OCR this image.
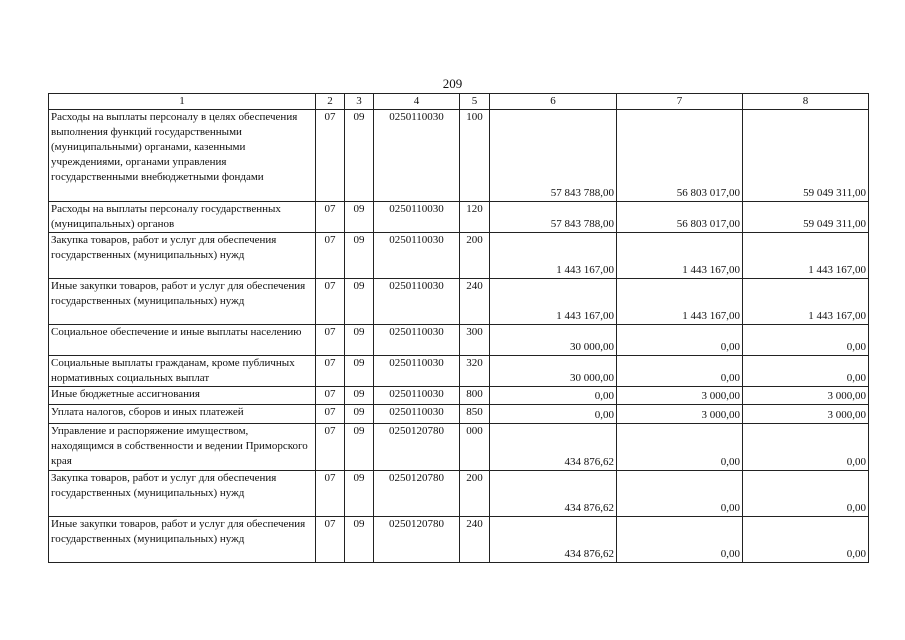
209
1	2	3	4	5	6	7	8
Расходы на выплаты персоналу в целях обеспечения выполнения функций государственными (муниципальными) органами, казенными учреждениями, органами управления государственными внебюджетными фондами	07	09	0250110030	100	57 843 788,00	56 803 017,00	59 049 311,00
Расходы на выплаты персоналу государственных (муниципальных) органов	07	09	0250110030	120	57 843 788,00	56 803 017,00	59 049 311,00
Закупка товаров, работ и услуг для обеспечения государственных (муниципальных) нужд	07	09	0250110030	200	1 443 167,00	1 443 167,00	1 443 167,00
Иные закупки товаров, работ и услуг для обеспечения государственных (муниципальных) нужд	07	09	0250110030	240	1 443 167,00	1 443 167,00	1 443 167,00
Социальное обеспечение и иные выплаты населению	07	09	0250110030	300	30 000,00	0,00	0,00
Социальные выплаты гражданам, кроме публичных нормативных социальных выплат	07	09	0250110030	320	30 000,00	0,00	0,00
Иные бюджетные ассигнования	07	09	0250110030	800	0,00	3 000,00	3 000,00
Уплата налогов, сборов и иных платежей	07	09	0250110030	850	0,00	3 000,00	3 000,00
Управление и распоряжение имуществом, находящимся в собственности и ведении Приморского края	07	09	0250120780	000	434 876,62	0,00	0,00
Закупка товаров, работ и услуг для обеспечения государственных (муниципальных) нужд	07	09	0250120780	200	434 876,62	0,00	0,00
Иные закупки товаров, работ и услуг для обеспечения государственных (муниципальных) нужд	07	09	0250120780	240	434 876,62	0,00	0,00
